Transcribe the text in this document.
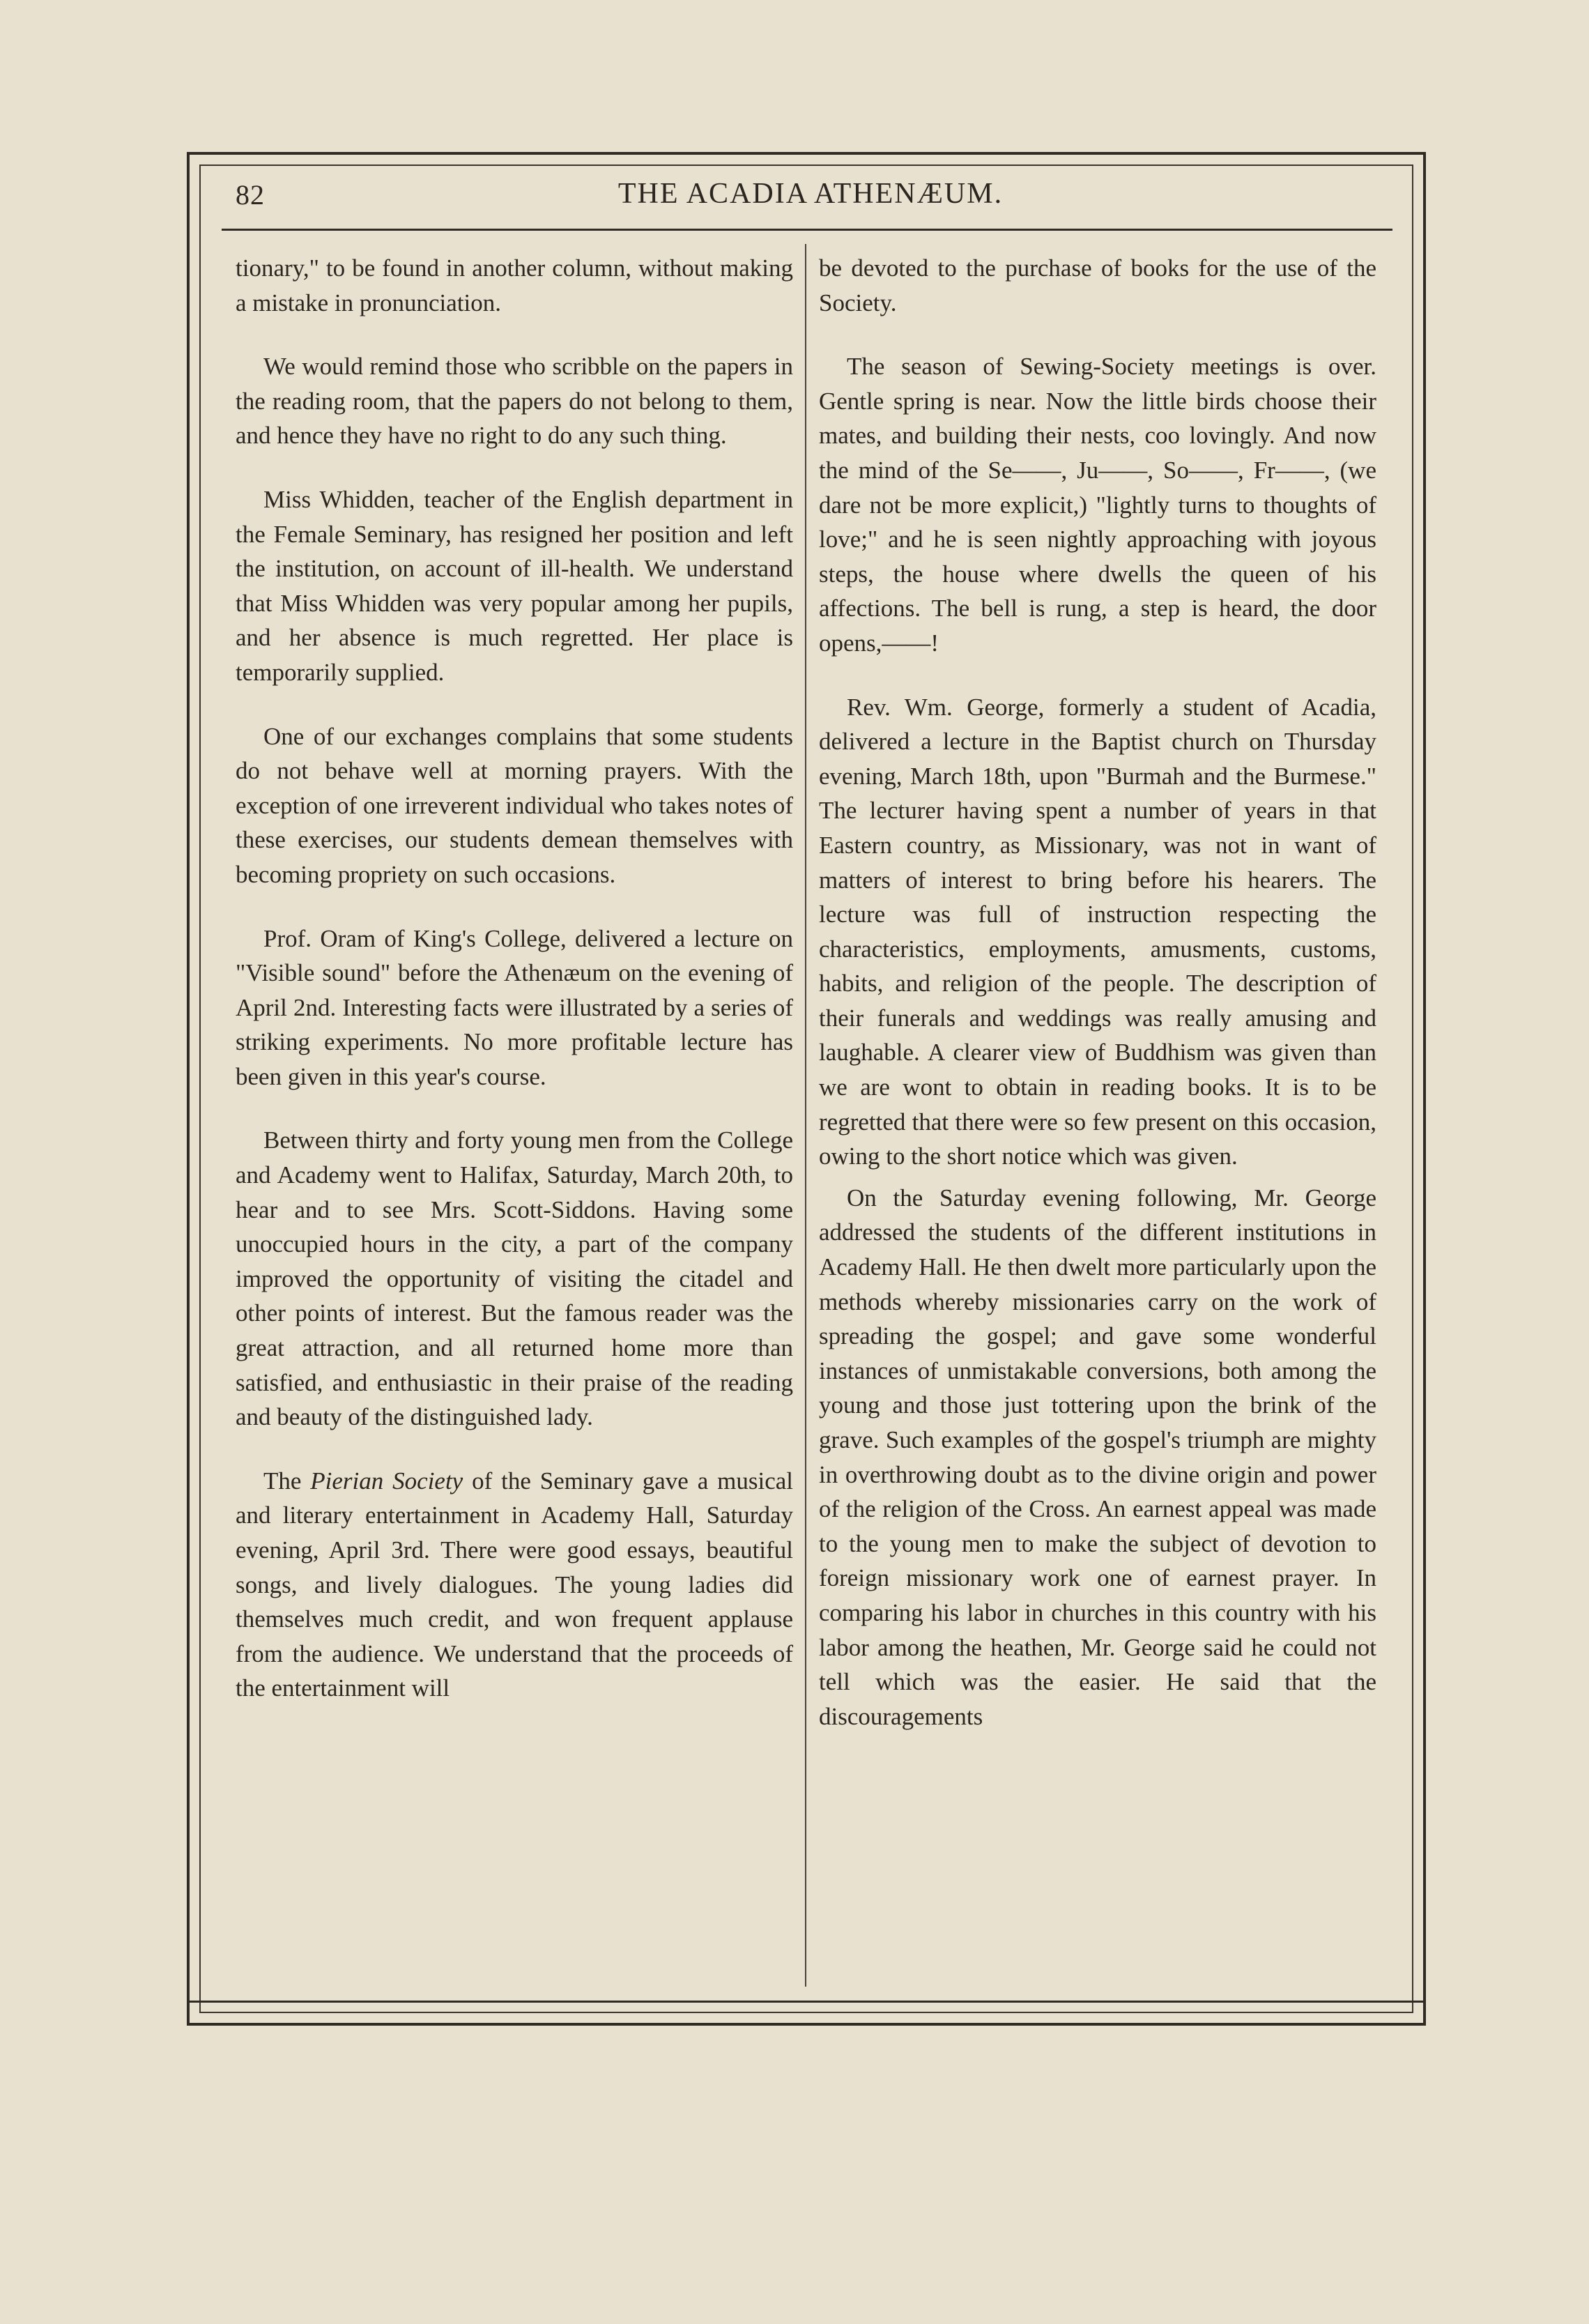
82	THE ACADIA ATHENÆUM.

tionary," to be found in another column, without making a mistake in pronunciation.

We would remind those who scribble on the papers in the reading room, that the papers do not belong to them, and hence they have no right to do any such thing.

Miss Whidden, teacher of the English department in the Female Seminary, has resigned her position and left the institution, on account of ill-health. We understand that Miss Whidden was very popular among her pupils, and her absence is much regretted. Her place is temporarily supplied.

One of our exchanges complains that some students do not behave well at morning prayers. With the exception of one irreverent individual who takes notes of these exercises, our students demean themselves with becoming propriety on such occasions.

Prof. Oram of King's College, delivered a lecture on "Visible sound" before the Athenæum on the evening of April 2nd. Interesting facts were illustrated by a series of striking experiments. No more profitable lecture has been given in this year's course.

Between thirty and forty young men from the College and Academy went to Halifax, Saturday, March 20th, to hear and to see Mrs. Scott-Siddons. Having some unoccupied hours in the city, a part of the company improved the opportunity of visiting the citadel and other points of interest. But the famous reader was the great attraction, and all returned home more than satisfied, and enthusiastic in their praise of the reading and beauty of the distinguished lady.

The Pierian Society of the Seminary gave a musical and literary entertainment in Academy Hall, Saturday evening, April 3rd. There were good essays, beautiful songs, and lively dialogues. The young ladies did themselves much credit, and won frequent applause from the audience. We understand that the proceeds of the entertainment will

be devoted to the purchase of books for the use of the Society.

The season of Sewing-Society meetings is over. Gentle spring is near. Now the little birds choose their mates, and building their nests, coo lovingly. And now the mind of the Se——, Ju——, So——, Fr——, (we dare not be more explicit,) "lightly turns to thoughts of love;" and he is seen nightly approaching with joyous steps, the house where dwells the queen of his affections. The bell is rung, a step is heard, the door opens,——!

Rev. Wm. George, formerly a student of Acadia, delivered a lecture in the Baptist church on Thursday evening, March 18th, upon "Burmah and the Burmese." The lecturer having spent a number of years in that Eastern country, as Missionary, was not in want of matters of interest to bring before his hearers. The lecture was full of instruction respecting the characteristics, employments, amusments, customs, habits, and religion of the people. The description of their funerals and weddings was really amusing and laughable. A clearer view of Buddhism was given than we are wont to obtain in reading books. It is to be regretted that there were so few present on this occasion, owing to the short notice which was given.

On the Saturday evening following, Mr. George addressed the students of the different institutions in Academy Hall. He then dwelt more particularly upon the methods whereby missionaries carry on the work of spreading the gospel; and gave some wonderful instances of unmistakable conversions, both among the young and those just tottering upon the brink of the grave. Such examples of the gospel's triumph are mighty in overthrowing doubt as to the divine origin and power of the religion of the Cross. An earnest appeal was made to the young men to make the subject of devotion to foreign missionary work one of earnest prayer. In comparing his labor in churches in this country with his labor among the heathen, Mr. George said he could not tell which was the easier. He said that the discouragements
